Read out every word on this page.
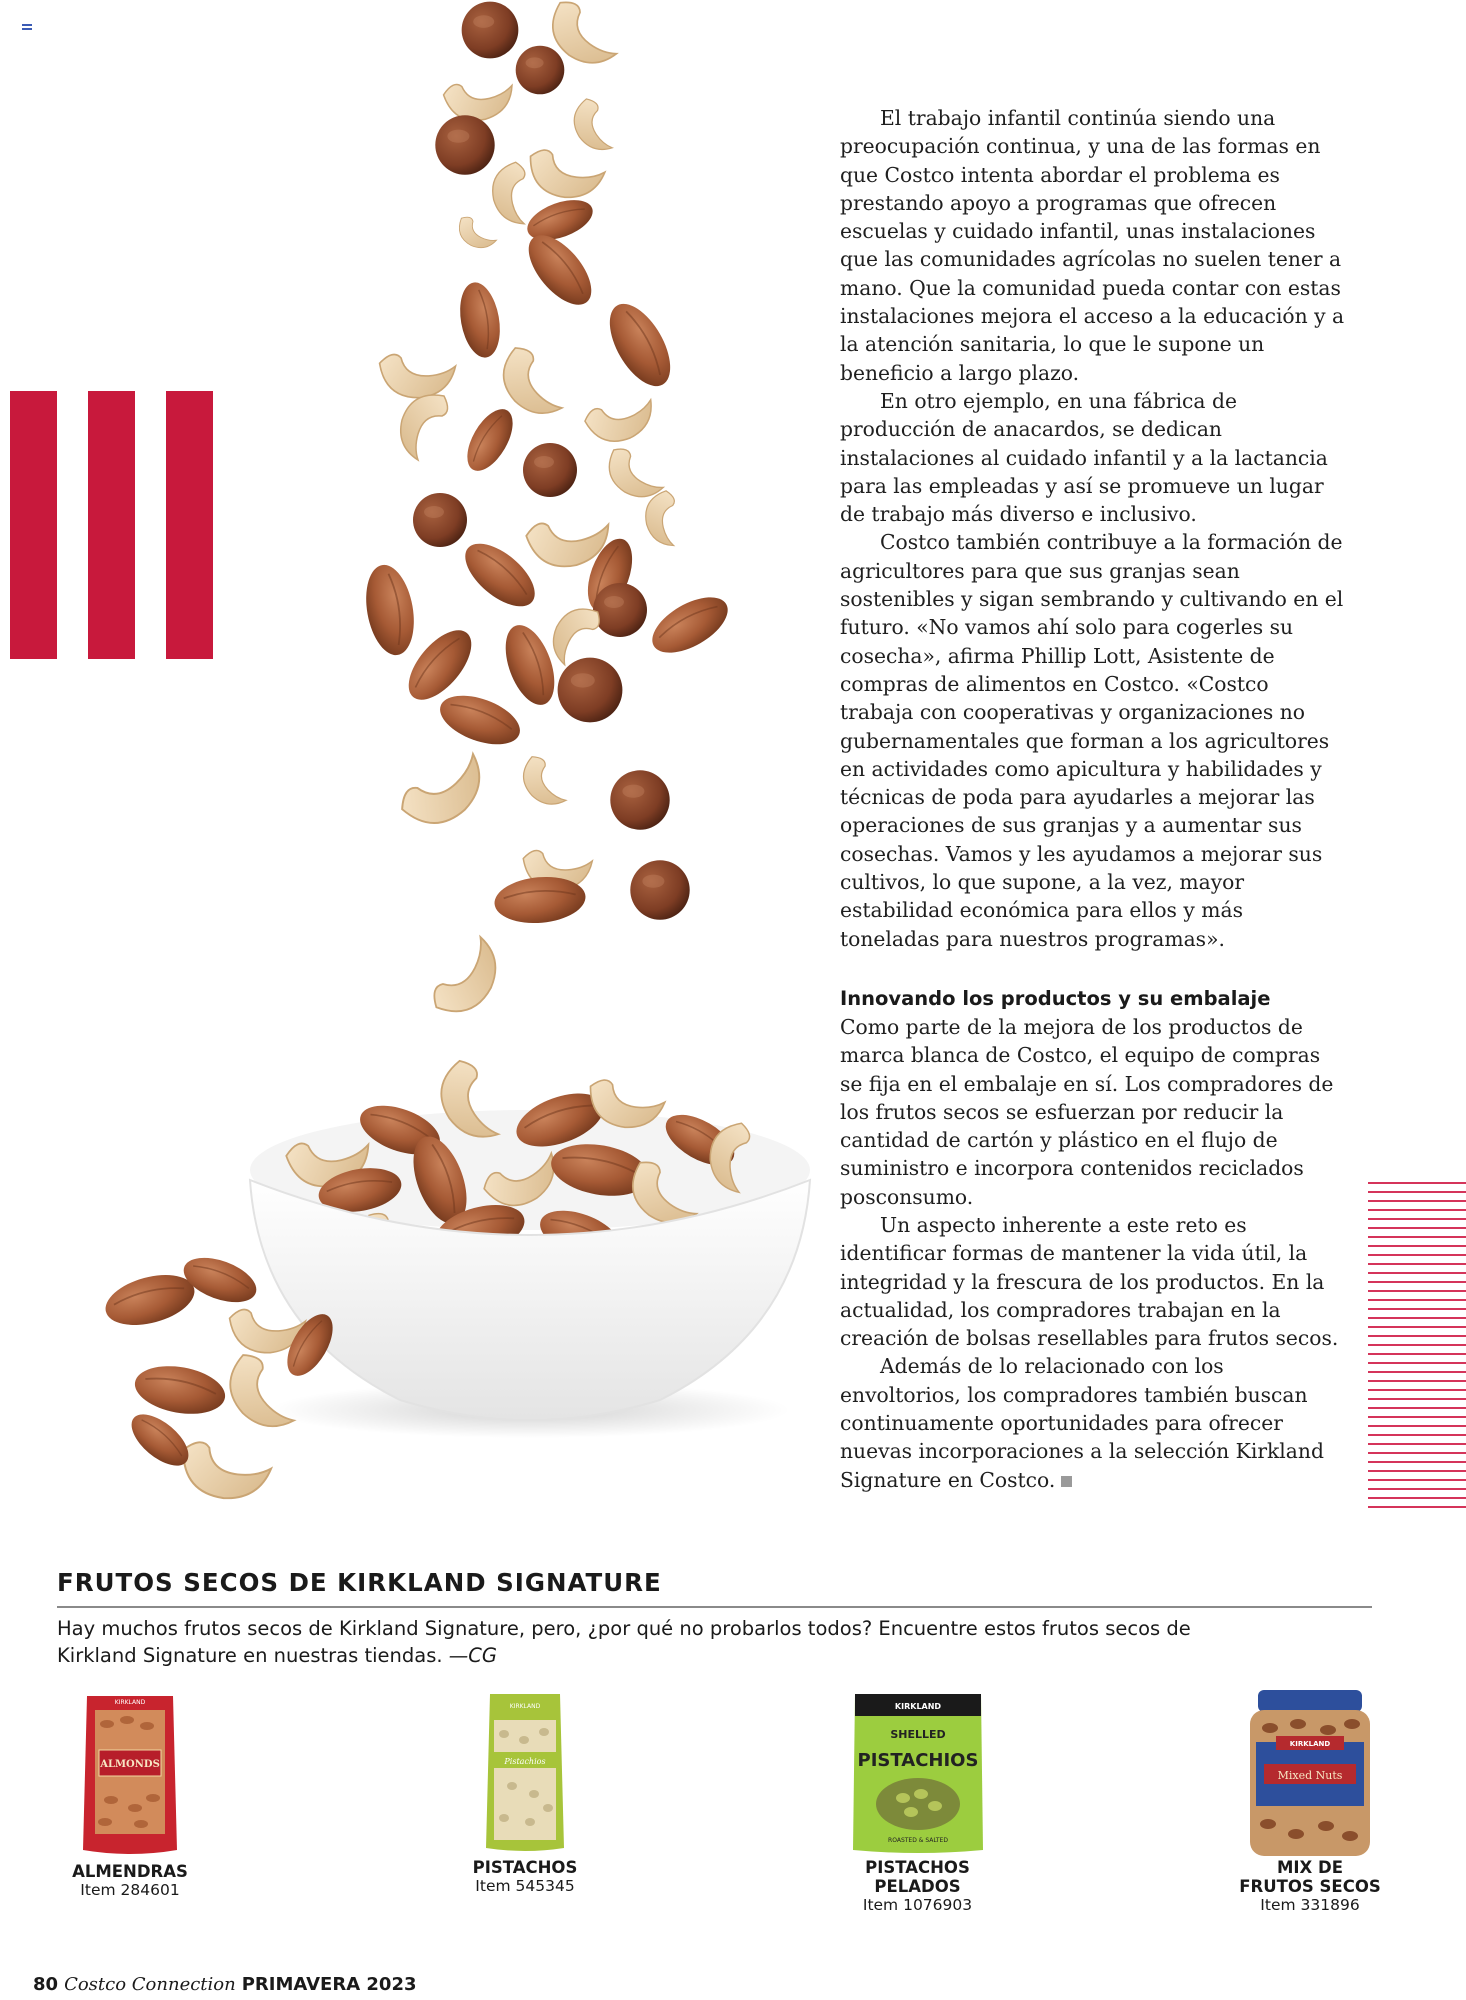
El trabajo infantil continúa siendo una preocupación continua, y una de las formas en que Costco intenta abordar el problema es prestando apoyo a programas que ofrecen escuelas y cuidado infantil, unas instalaciones que las comunidades agrícolas no suelen tener a mano. Que la comunidad pueda contar con estas instalaciones mejora el acceso a la educación y a la atención sanitaria, lo que le supone un beneficio a largo plazo.

En otro ejemplo, en una fábrica de producción de anacardos, se dedican instalaciones al cuidado infantil y a la lactancia para las empleadas y así se promueve un lugar de trabajo más diverso e inclusivo.

Costco también contribuye a la formación de agricultores para que sus granjas sean sostenibles y sigan sembrando y cultivando en el futuro. «No vamos ahí solo para cogerles su cosecha», afirma Phillip Lott, Asistente de compras de alimentos en Costco. «Costco trabaja con cooperativas y organizaciones no gubernamentales que forman a los agricultores en actividades como apicultura y habilidades y técnicas de poda para ayudarles a mejorar las operaciones de sus granjas y a aumentar sus cosechas. Vamos y les ayudamos a mejorar sus cultivos, lo que supone, a la vez, mayor estabilidad económica para ellos y más toneladas para nuestros programas».

Innovando los productos y su embalaje

Como parte de la mejora de los productos de marca blanca de Costco, el equipo de compras se fija en el embalaje en sí. Los compradores de los frutos secos se esfuerzan por reducir la cantidad de cartón y plástico en el flujo de suministro e incorpora contenidos reciclados posconsumo.

Un aspecto inherente a este reto es identificar formas de mantener la vida útil, la integridad y la frescura de los productos. En la actualidad, los compradores trabajan en la creación de bolsas resellables para frutos secos.

Además de lo relacionado con los envoltorios, los compradores también buscan continuamente oportunidades para ofrecer nuevas incorporaciones a la selección Kirkland Signature en Costco.

FRUTOS SECOS DE KIRKLAND SIGNATURE
Hay muchos frutos secos de Kirkland Signature, pero, ¿por qué no probarlos todos? Encuentre estos frutos secos de Kirkland Signature en nuestras tiendas. —CG
ALMONDS
KIRKLAND
ALMENDRAS
Item 284601
Pistachios
KIRKLAND
PISTACHOS
Item 545345
KIRKLAND
SHELLED
PISTACHIOS
ROASTED & SALTED
PISTACHOS
PELADOS
Item 1076903
KIRKLAND
Mixed Nuts
MIX DE
FRUTOS SECOS
Item 331896
80 Costco Connection PRIMAVERA 2023
